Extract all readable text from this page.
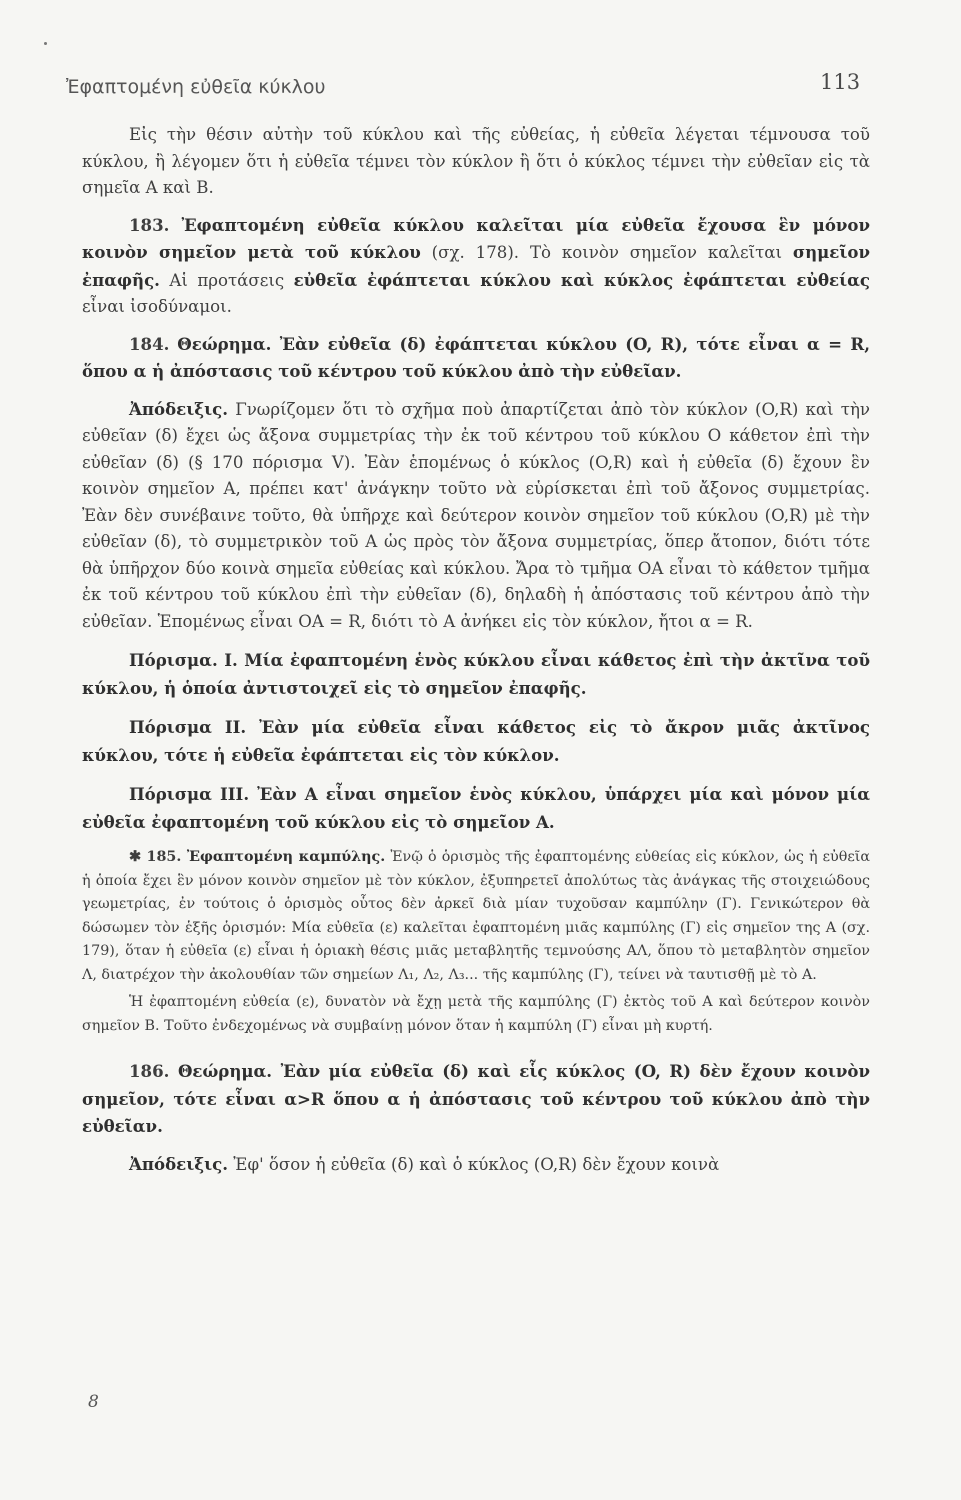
Ἐφαπτομένη εὐθεῖα κύκλου	113

Εἰς τὴν θέσιν αὐτὴν τοῦ κύκλου καὶ τῆς εὐθείας, ἡ εὐθεῖα λέγεται τέμνουσα τοῦ κύκλου, ἢ λέγομεν ὅτι ἡ εὐθεῖα τέμνει τὸν κύκλον ἢ ὅτι ὁ κύκλος τέμνει τὴν εὐθεῖαν εἰς τὰ σημεῖα A καὶ B.

183. Ἐφαπτομένη εὐθεῖα κύκλου καλεῖται μία εὐθεῖα ἔχουσα ἓν μόνον κοινὸν σημεῖον μετὰ τοῦ κύκλου (σχ. 178). Τὸ κοινὸν σημεῖον καλεῖται σημεῖον ἐπαφῆς. Αἱ προτάσεις εὐθεῖα ἐφάπτεται κύκλου καὶ κύκλος ἐφάπτεται εὐθείας εἶναι ἰσοδύναμοι.

184. Θεώρημα. Ἐὰν εὐθεῖα (δ) ἐφάπτεται κύκλου (O, R), τότε εἶναι α = R, ὅπου α ἡ ἀπόστασις τοῦ κέντρου τοῦ κύκλου ἀπὸ τὴν εὐθεῖαν.

Ἀπόδειξις. Γνωρίζομεν ὅτι τὸ σχῆμα ποὺ ἀπαρτίζεται ἀπὸ τὸν κύκλον (O,R) καὶ τὴν εὐθεῖαν (δ) ἔχει ὡς ἄξονα συμμετρίας τὴν ἐκ τοῦ κέντρου τοῦ κύκλου O κάθετον ἐπὶ τὴν εὐθεῖαν (δ) (§ 170 πόρισμα V). Ἐὰν ἑπομένως ὁ κύκλος (O,R) καὶ ἡ εὐθεῖα (δ) ἔχουν ἓν κοινὸν σημεῖον A, πρέπει κατ' ἀνάγκην τοῦτο νὰ εὑρίσκεται ἐπὶ τοῦ ἄξονος συμμετρίας. Ἐὰν δὲν συνέβαινε τοῦτο, θὰ ὑπῆρχε καὶ δεύτερον κοινὸν σημεῖον τοῦ κύκλου (O,R) μὲ τὴν εὐθεῖαν (δ), τὸ συμμετρικὸν τοῦ A ὡς πρὸς τὸν ἄξονα συμμετρίας, ὅπερ ἄτοπον, διότι τότε θὰ ὑπῆρχον δύο κοινὰ σημεῖα εὐθείας καὶ κύκλου. Ἄρα τὸ τμῆμα OA εἶναι τὸ κάθετον τμῆμα ἐκ τοῦ κέντρου τοῦ κύκλου ἐπὶ τὴν εὐθεῖαν (δ), δηλαδὴ ἡ ἀπόστασις τοῦ κέντρου ἀπὸ τὴν εὐθεῖαν. Ἑπομένως εἶναι OA = R, διότι τὸ A ἀνήκει εἰς τὸν κύκλον, ἤτοι α = R.

Πόρισμα. I. Μία ἐφαπτομένη ἑνὸς κύκλου εἶναι κάθετος ἐπὶ τὴν ἀκτῖνα τοῦ κύκλου, ἡ ὁποία ἀντιστοιχεῖ εἰς τὸ σημεῖον ἐπαφῆς.

Πόρισμα II. Ἐὰν μία εὐθεῖα εἶναι κάθετος εἰς τὸ ἄκρον μιᾶς ἀκτῖνος κύκλου, τότε ἡ εὐθεῖα ἐφάπτεται εἰς τὸν κύκλον.

Πόρισμα III. Ἐὰν A εἶναι σημεῖον ἑνὸς κύκλου, ὑπάρχει μία καὶ μόνον μία εὐθεῖα ἐφαπτομένη τοῦ κύκλου εἰς τὸ σημεῖον A.

✱ 185. Ἐφαπτομένη καμπύλης. Ἐνῷ ὁ ὁρισμὸς τῆς ἐφαπτομένης εὐθείας εἰς κύκλον, ὡς ἡ εὐθεῖα ἡ ὁποία ἔχει ἓν μόνον κοινὸν σημεῖον μὲ τὸν κύκλον, ἐξυπηρετεῖ ἀπολύτως τὰς ἀνάγκας τῆς στοιχειώδους γεωμετρίας, ἐν τούτοις ὁ ὁρισμὸς οὗτος δὲν ἀρκεῖ διὰ μίαν τυχοῦσαν καμπύλην (Γ). Γενικώτερον θὰ δώσωμεν τὸν ἑξῆς ὁρισμόν: Μία εὐθεῖα (ε) καλεῖται ἐφαπτομένη μιᾶς καμπύλης (Γ) εἰς σημεῖον της A (σχ. 179), ὅταν ἡ εὐθεῖα (ε) εἶναι ἡ ὁριακὴ θέσις μιᾶς μεταβλητῆς τεμνούσης AΛ, ὅπου τὸ μεταβλητὸν σημεῖον Λ, διατρέχον τὴν ἀκολουθίαν τῶν σημείων Λ₁, Λ₂, Λ₃... τῆς καμπύλης (Γ), τείνει νὰ ταυτισθῇ μὲ τὸ A.

Ἡ ἐφαπτομένη εὐθεία (ε), δυνατὸν νὰ ἔχῃ μετὰ τῆς καμπύλης (Γ) ἐκτὸς τοῦ A καὶ δεύτερον κοινὸν σημεῖον B. Τοῦτο ἐνδεχομένως νὰ συμβαίνῃ μόνον ὅταν ἡ καμπύλη (Γ) εἶναι μὴ κυρτή.

186. Θεώρημα. Ἐὰν μία εὐθεῖα (δ) καὶ εἷς κύκλος (O, R) δὲν ἔχουν κοινὸν σημεῖον, τότε εἶναι α>R ὅπου α ἡ ἀπόστασις τοῦ κέντρου τοῦ κύκλου ἀπὸ τὴν εὐθεῖαν.

Ἀπόδειξις. Ἐφ' ὅσον ἡ εὐθεῖα (δ) καὶ ὁ κύκλος (O,R) δὲν ἔχουν κοινὰ

8
